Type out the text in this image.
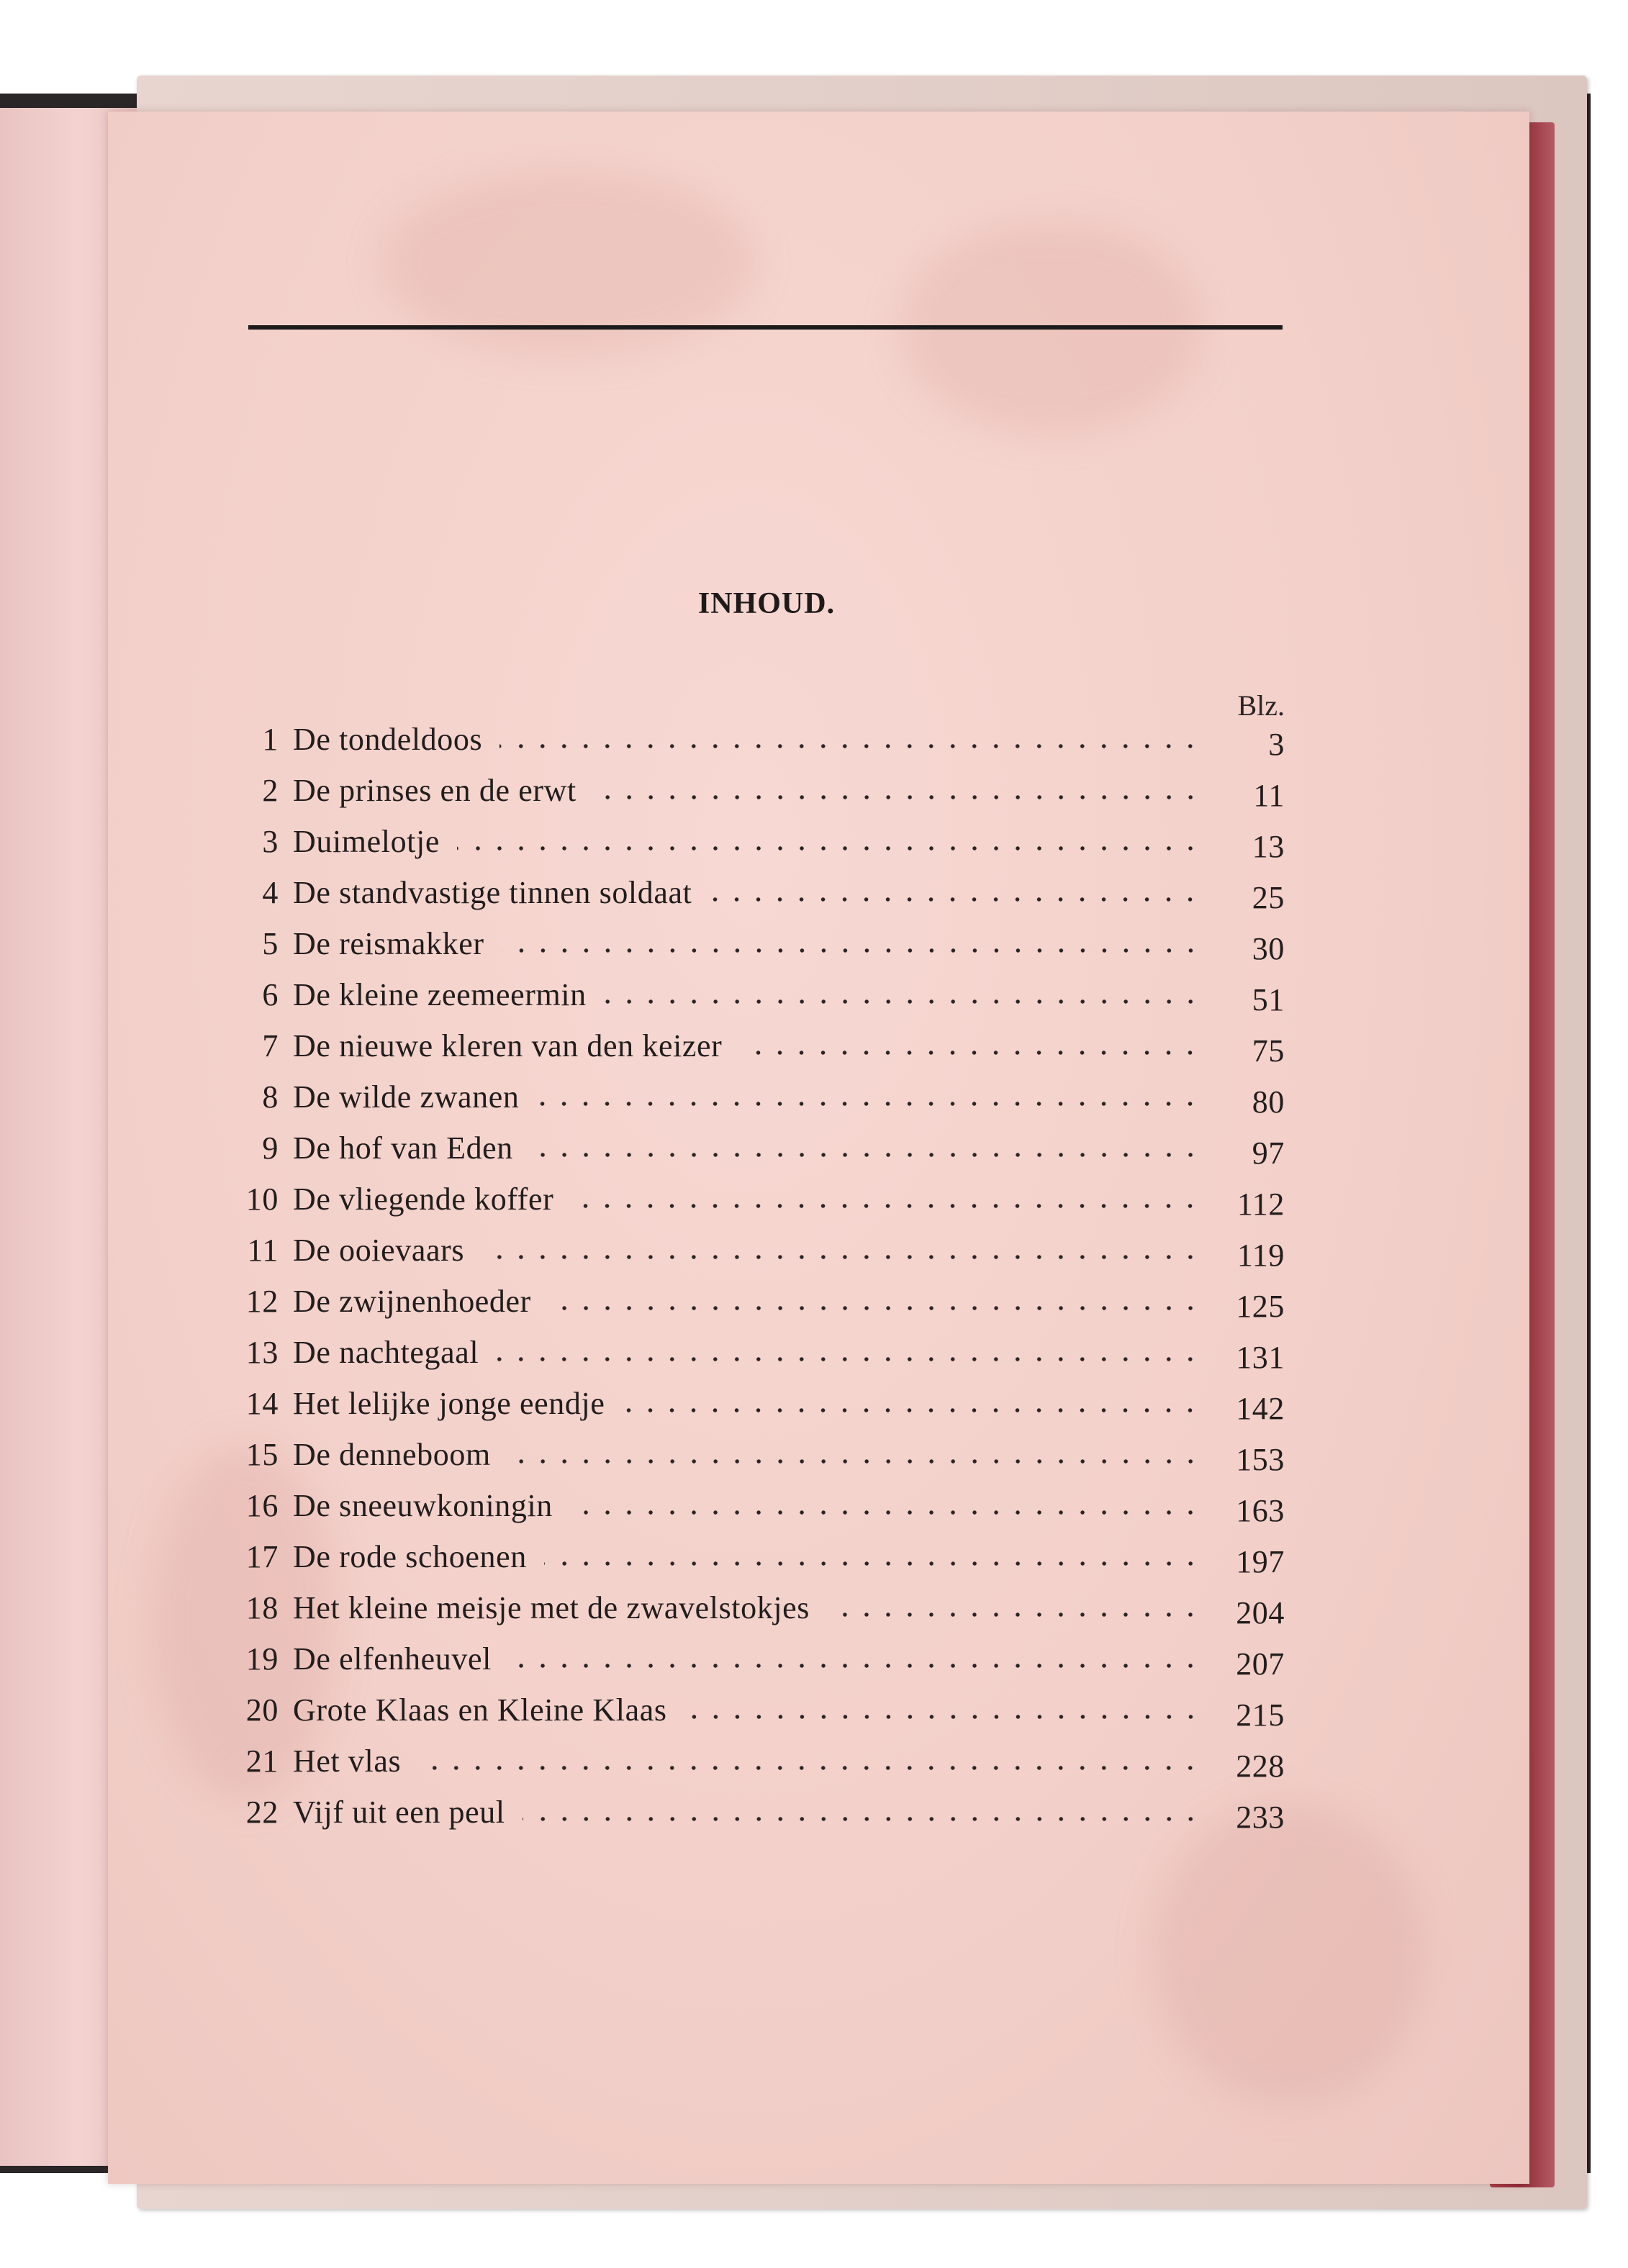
INHOUD.
Blz.
1 De tondeldoos	3
2 De prinses en de erwt	11
3 Duimelotje	13
4 De standvastige tinnen soldaat	25
5 De reismakker	30
6 De kleine zeemeermin	51
7 De nieuwe kleren van den keizer	75
8 De wilde zwanen	80
9 De hof van Eden	97
10 De vliegende koffer	112
11 De ooievaars	119
12 De zwijnenhoeder	125
13 De nachtegaal	131
14 Het lelijke jonge eendje	142
15 De denneboom	153
16 De sneeuwkoningin	163
17 De rode schoenen	197
18 Het kleine meisje met de zwavelstokjes	204
19 De elfenheuvel	207
20 Grote Klaas en Kleine Klaas	215
21 Het vlas	228
22 Vijf uit een peul	233
